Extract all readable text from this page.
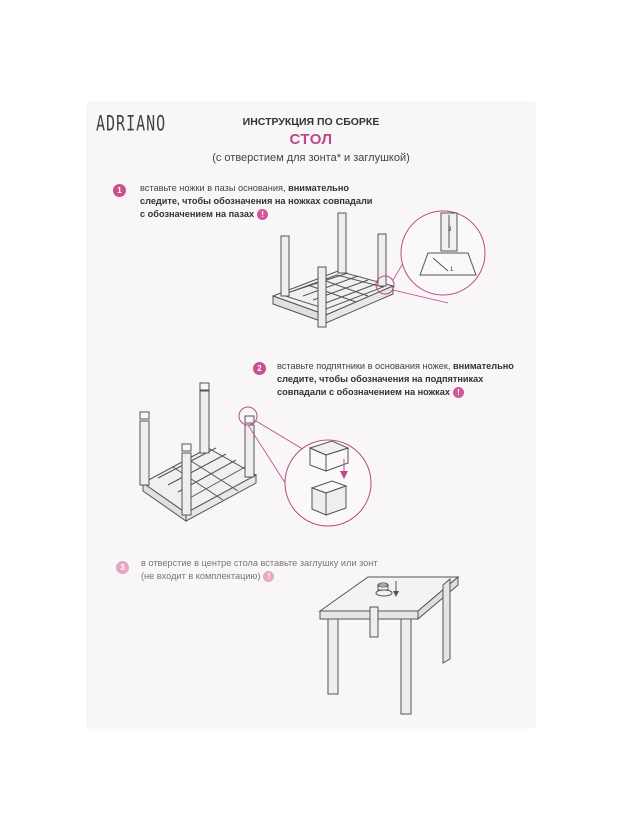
ADRIANO	ИНСТРУКЦИЯ ПО СБОРКЕ
СТОЛ
(с отверстием для зонта* и заглушкой)
1	вставьте ножки в пазы основания, внимательно
следите, чтобы обозначения на ножках совпадали
с обозначением на пазах !
3
1
2	вставьте подпятники в основания ножек, внимательно
следите, чтобы обозначения на подпятниках
совпадали с обозначением на ножках !
3	в отверстие в центре стола вставьте заглушку или зонт
(не входит в комплектацию) !
